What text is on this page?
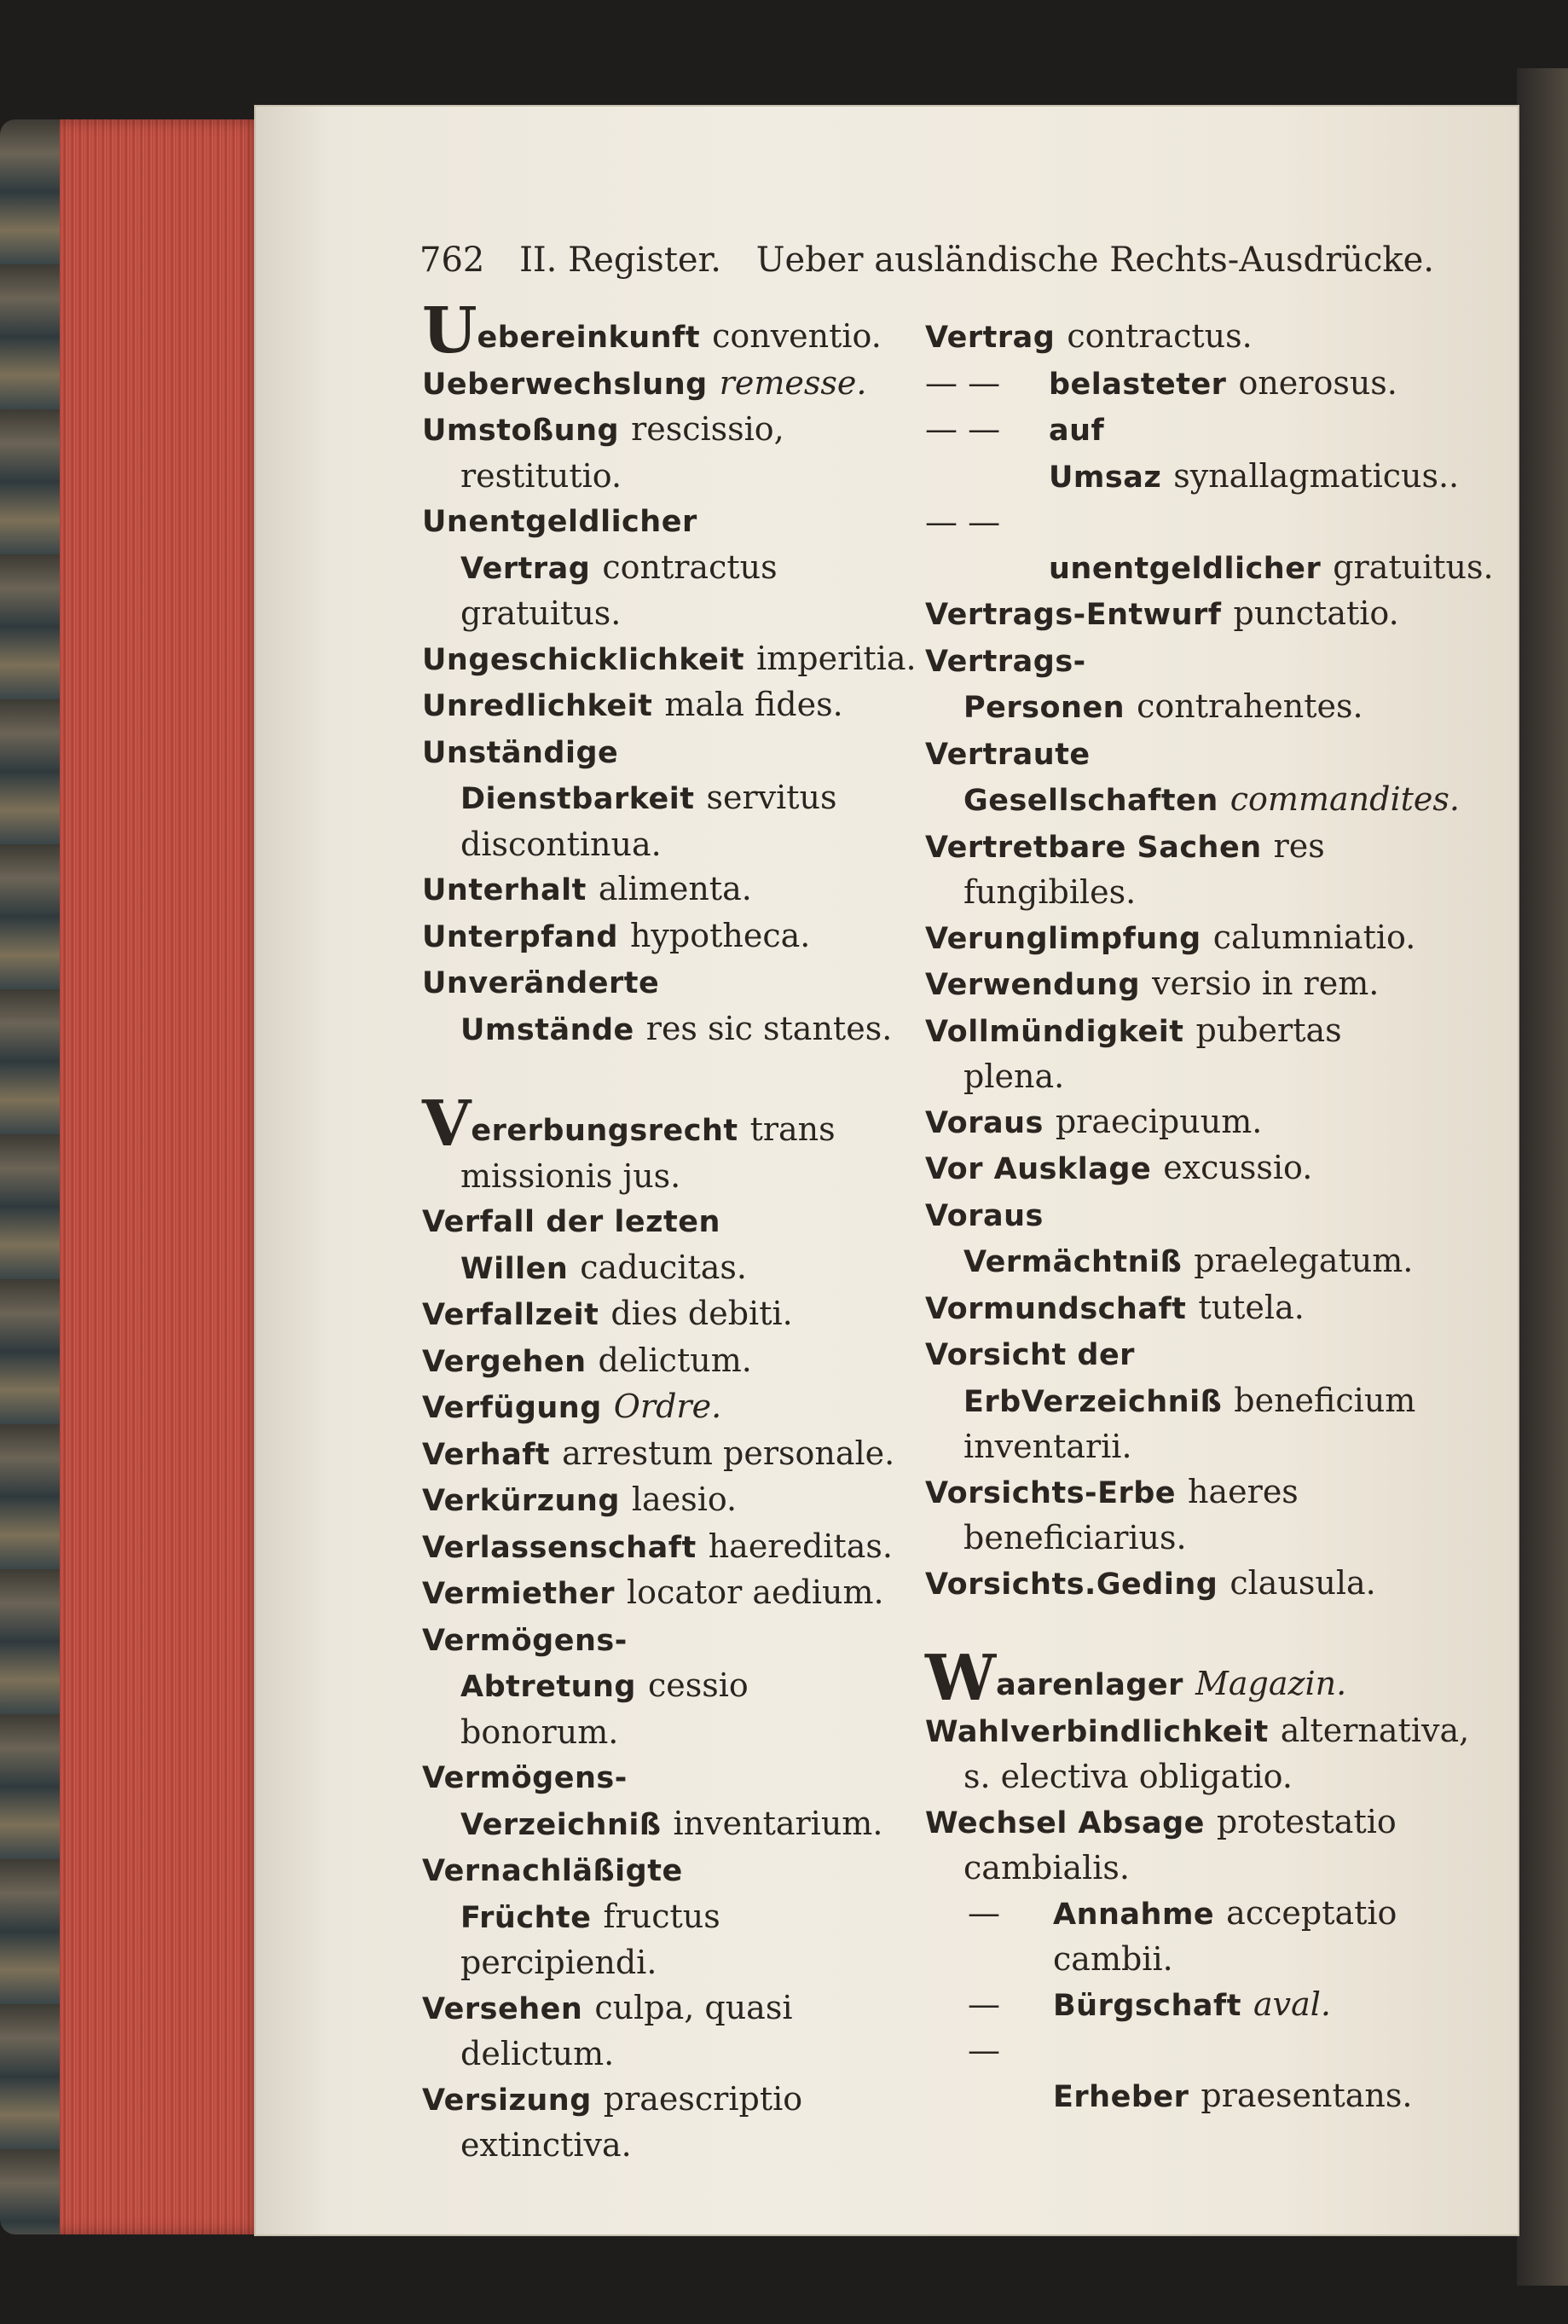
762 II. Register. Ueber ausländische Rechts-Ausdrücke.
Uebereinkunft conventio.
Ueberwechslung remesse.
Umstoßung rescissio, restitutio.
Unentgeldlicher Vertrag contractus gratuitus.
Ungeschicklichkeit imperitia.
Unredlichkeit mala fides.
Unständige Dienstbarkeit servitus discontinua.
Unterhalt alimenta.
Unterpfand hypotheca.
Unveränderte Umstände res sic stantes.
Vererbungsrecht trans missionis jus.
Verfall der lezten Willen caducitas.
Verfallzeit dies debiti.
Vergehen delictum.
Verfügung Ordre.
Verhaft arrestum personale.
Verkürzung laesio.
Verlassenschaft haereditas.
Vermiether locator aedium.
Vermögens-Abtretung cessio bonorum.
Vermögens-Verzeichniß inventarium.
Vernachläßigte Früchte fructus percipiendi.
Versehen culpa, quasi delictum.
Versizung praescriptio extinctiva.
Vertrag contractus.
— — belasteter onerosus.
— — auf Umsaz synallagmaticus..
— —unentgeldlicher gratuitus.
Vertrags-Entwurf punctatio.
Vertrags-Personen contrahentes.
Vertraute Gesellschaften commandites.
Vertretbare Sachen res fungibiles.
Verunglimpfung calumniatio.
Verwendung versio in rem.
Vollmündigkeit pubertas plena.
Voraus praecipuum.
Vor Ausklage excussio.
Voraus Vermächtniß praelegatum.
Vormundschaft tutela.
Vorsicht der ErbVerzeichniß beneficium inventarii.
Vorsichts-Erbe haeres beneficiarius.
Vorsichts.Geding clausula.
Waarenlager Magazin.
Wahlverbindlichkeit alternativa, s. electiva obligatio.
Wechsel Absage protestatio cambialis.
— Annahme acceptatio cambii.
— Bürgschaft aval.
—Erheber praesentans.
